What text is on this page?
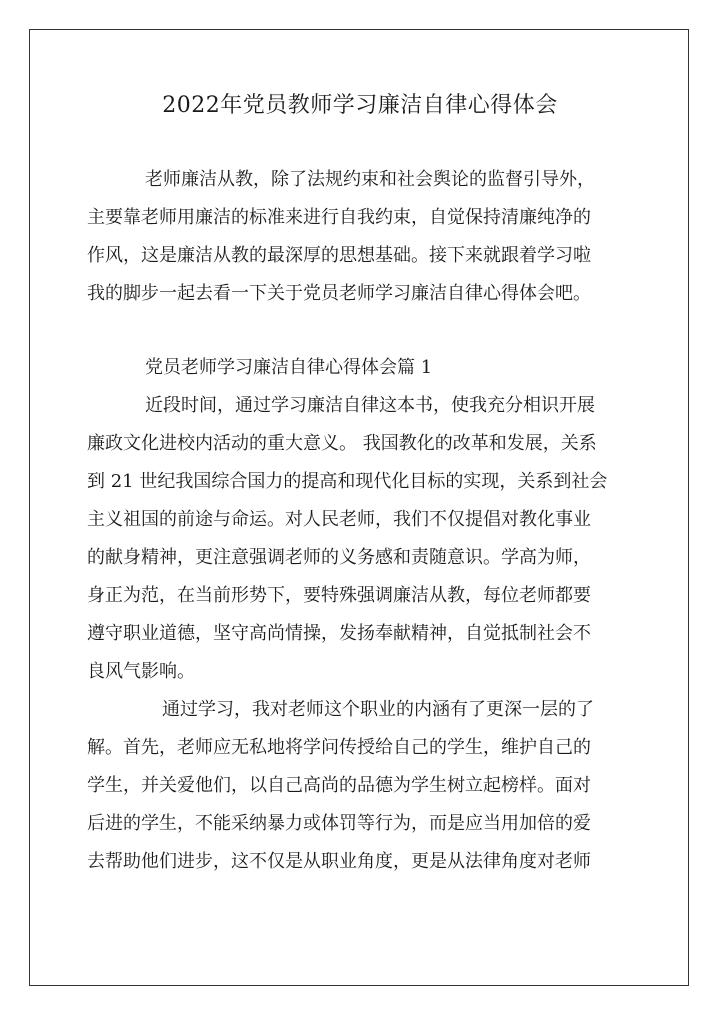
2022年党员教师学习廉洁自律心得体会

老师廉洁从教，除了法规约束和社会舆论的监督引导外，

主要靠老师用廉洁的标准来进行自我约束，自觉保持清廉纯净的

作风，这是廉洁从教的最深厚的思想基础。接下来就跟着学习啦

我的脚步一起去看一下关于党员老师学习廉洁自律心得体会吧。

党员老师学习廉洁自律心得体会篇 1

近段时间，通过学习廉洁自律这本书，使我充分相识开展

廉政文化进校内活动的重大意义。 我国教化的改革和发展，关系

到 21 世纪我国综合国力的提高和现代化目标的实现，关系到社会

主义祖国的前途与命运。对人民老师，我们不仅提倡对教化事业

的献身精神，更注意强调老师的义务感和责随意识。学高为师，

身正为范，在当前形势下，要特殊强调廉洁从教，每位老师都要

遵守职业道德，坚守高尚情操，发扬奉献精神，自觉抵制社会不

良风气影响。

通过学习，我对老师这个职业的内涵有了更深一层的了

解。首先，老师应无私地将学问传授给自己的学生，维护自己的

学生，并关爱他们，以自己高尚的品德为学生树立起榜样。面对

后进的学生，不能采纳暴力或体罚等行为，而是应当用加倍的爱

去帮助他们进步，这不仅是从职业角度，更是从法律角度对老师
